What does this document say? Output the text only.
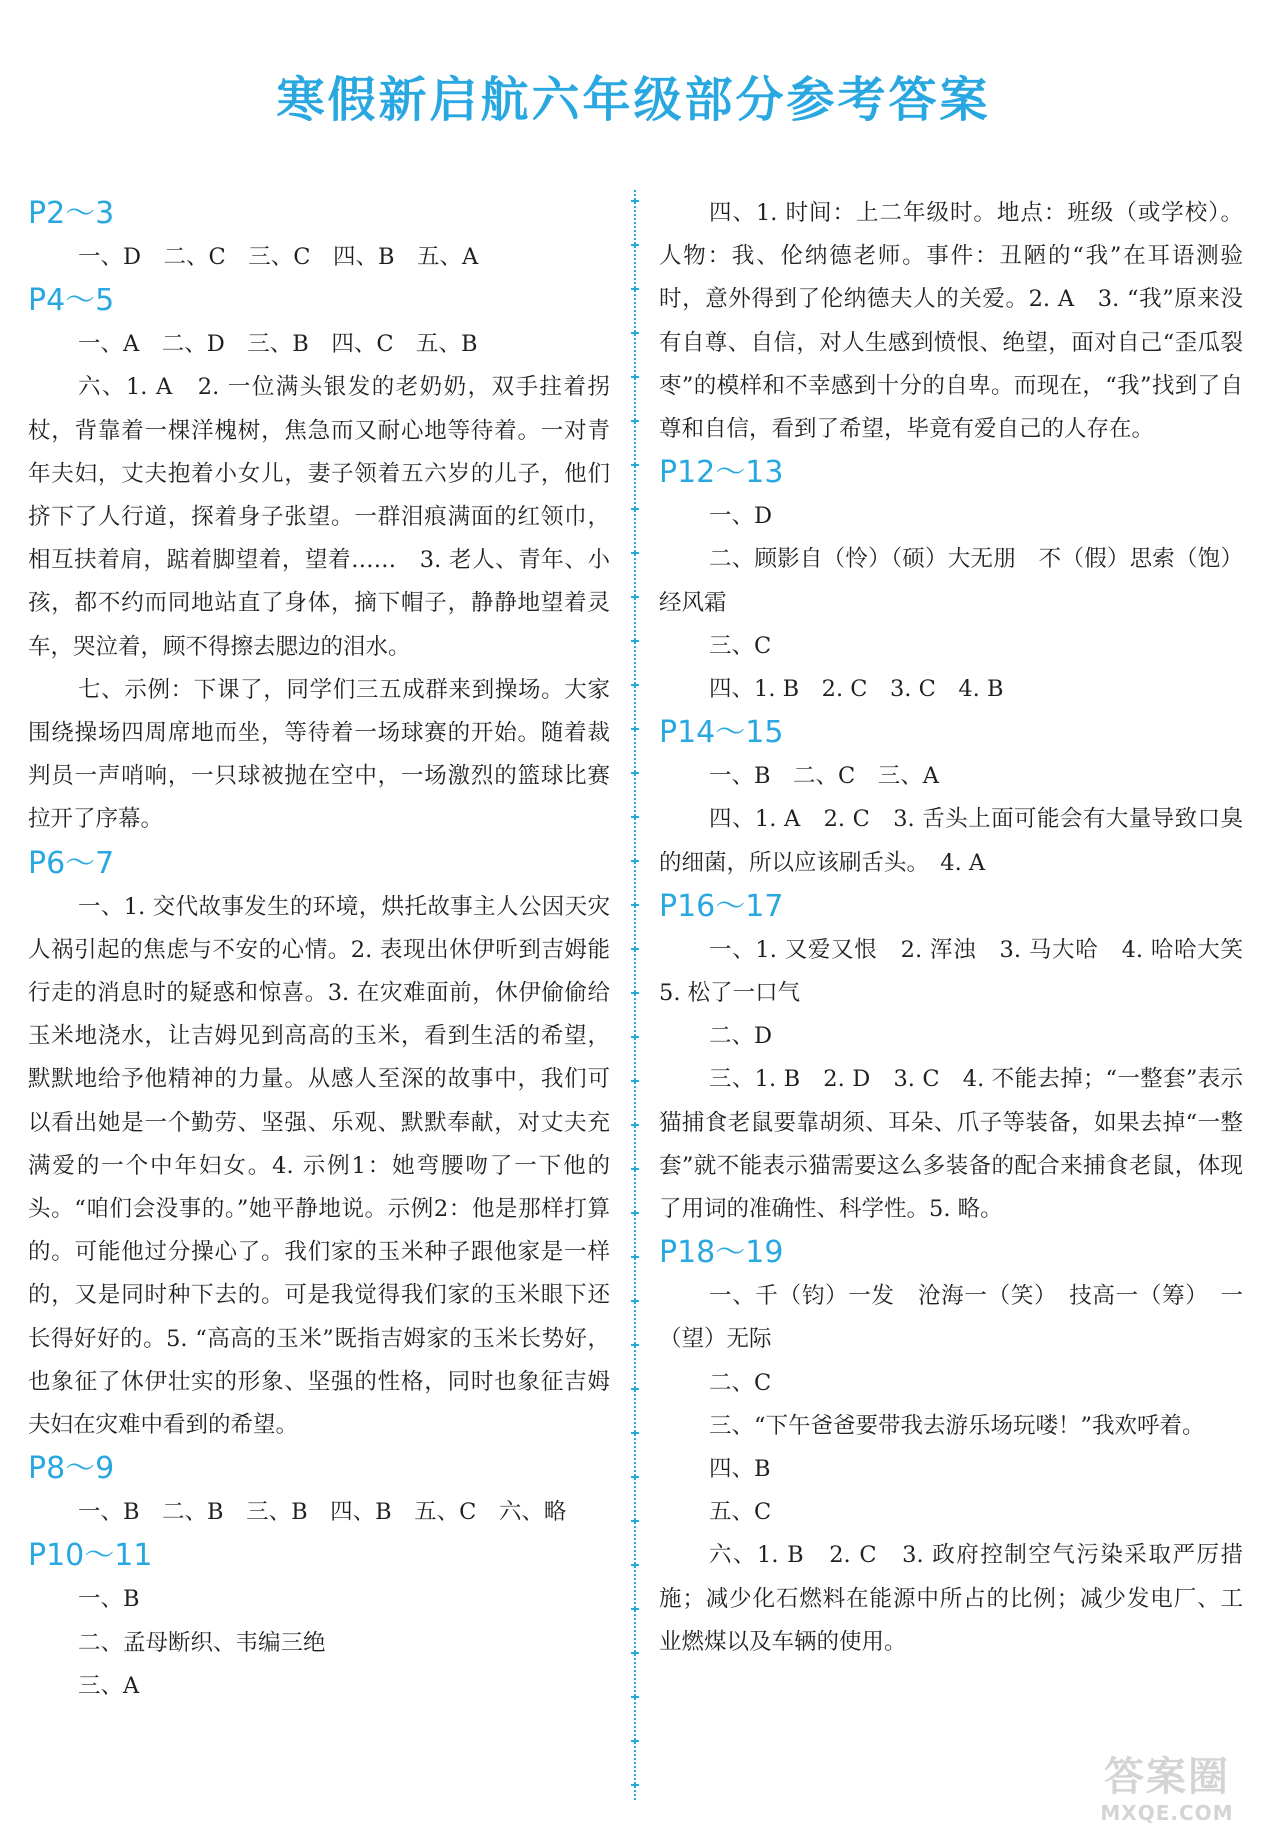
寒假新启航六年级部分参考答案
P2～3
一、D　二、C　三、C　四、B　五、A
P4～5
一、A　二、D　三、B　四、C　五、B
六、1. A　2. 一位满头银发的老奶奶，双手拄着拐杖，背靠着一棵洋槐树，焦急而又耐心地等待着。一对青年夫妇，丈夫抱着小女儿，妻子领着五六岁的儿子，他们挤下了人行道，探着身子张望。一群泪痕满面的红领巾，相互扶着肩，踮着脚望着，望着……　3. 老人、青年、小孩，都不约而同地站直了身体，摘下帽子，静静地望着灵车，哭泣着，顾不得擦去腮边的泪水。
七、示例：下课了，同学们三五成群来到操场。大家围绕操场四周席地而坐，等待着一场球赛的开始。随着裁判员一声哨响，一只球被抛在空中，一场激烈的篮球比赛拉开了序幕。
P6～7
一、1. 交代故事发生的环境，烘托故事主人公因天灾人祸引起的焦虑与不安的心情。2. 表现出休伊听到吉姆能行走的消息时的疑惑和惊喜。3. 在灾难面前，休伊偷偷给玉米地浇水，让吉姆见到高高的玉米，看到生活的希望，默默地给予他精神的力量。从感人至深的故事中，我们可以看出她是一个勤劳、坚强、乐观、默默奉献，对丈夫充满爱的一个中年妇女。4. 示例1：她弯腰吻了一下他的头。“咱们会没事的。”她平静地说。示例2：他是那样打算的。可能他过分操心了。我们家的玉米种子跟他家是一样的，又是同时种下去的。可是我觉得我们家的玉米眼下还长得好好的。5. “高高的玉米”既指吉姆家的玉米长势好，也象征了休伊壮实的形象、坚强的性格，同时也象征吉姆夫妇在灾难中看到的希望。
P8～9
一、B　二、B　三、B　四、B　五、C　六、略
P10～11
一、B
二、孟母断织、韦编三绝
三、A
四、1. 时间：上二年级时。地点：班级（或学校）。人物：我、伦纳德老师。事件：丑陋的“我”在耳语测验时，意外得到了伦纳德夫人的关爱。2. A　3. “我”原来没有自尊、自信，对人生感到愤恨、绝望，面对自己“歪瓜裂枣”的模样和不幸感到十分的自卑。而现在，“我”找到了自尊和自信，看到了希望，毕竟有爱自己的人存在。
P12～13
一、D
二、顾影自（怜）（硕）大无朋　不（假）思索（饱）经风霜
三、C
四、1. B　2. C　3. C　4. B
P14～15
一、B　二、C　三、A
四、1. A　2. C　3. 舌头上面可能会有大量导致口臭的细菌，所以应该刷舌头。　4. A
P16～17
一、1. 又爱又恨　2. 浑浊　3. 马大哈　4. 哈哈大笑　5. 松了一口气
二、D
三、1. B　2. D　3. C　4. 不能去掉；“一整套”表示猫捕食老鼠要靠胡须、耳朵、爪子等装备，如果去掉“一整套”就不能表示猫需要这么多装备的配合来捕食老鼠，体现了用词的准确性、科学性。5. 略。
P18～19
一、千（钧）一发　沧海一（笑）　技高一（筹）　一（望）无际
二、C
三、“下午爸爸要带我去游乐场玩喽！”我欢呼着。
四、B
五、C
六、1. B　2. C　3. 政府控制空气污染采取严厉措施；减少化石燃料在能源中所占的比例；减少发电厂、工业燃煤以及车辆的使用。
答案圈
MXQE.COM
